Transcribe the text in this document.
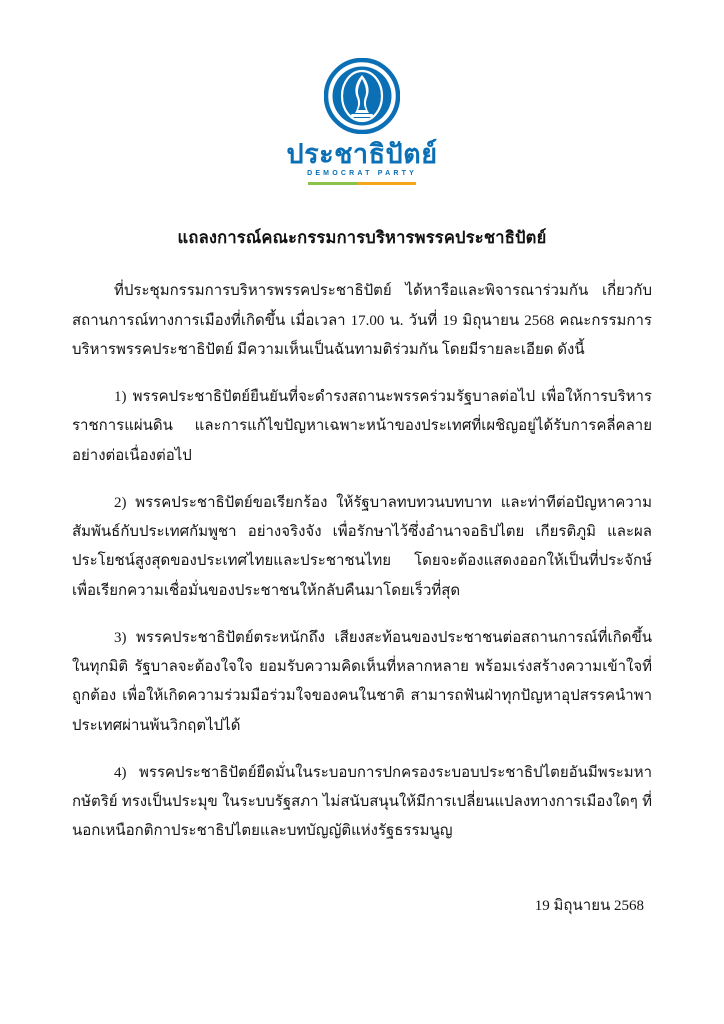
ประชาธิปัตย์
DEMOCRAT PARTY
แถลงการณ์คณะกรรมการบริหารพรรคประชาธิปัตย์

ที่ประชุมกรรมการบริหารพรรคประชาธิปัตย์ ได้หารือและพิจารณาร่วมกัน เกี่ยวกับสถานการณ์ทางการเมืองที่เกิดขึ้น เมื่อเวลา 17.00 น. วันที่ 19 มิถุนายน 2568 คณะกรรมการบริหารพรรคประชาธิปัตย์ มีความเห็นเป็นฉันทามติร่วมกัน โดยมีรายละเอียด ดังนี้

1) พรรคประชาธิปัตย์ยืนยันที่จะดำรงสถานะพรรคร่วมรัฐบาลต่อไป เพื่อให้การบริหารราชการแผ่นดิน และการแก้ไขปัญหาเฉพาะหน้าของประเทศที่เผชิญอยู่ได้รับการคลี่คลายอย่างต่อเนื่องต่อไป

2) พรรคประชาธิปัตย์ขอเรียกร้อง ให้รัฐบาลทบทวนบทบาท และท่าทีต่อปัญหาความสัมพันธ์กับประเทศกัมพูชา อย่างจริงจัง เพื่อรักษาไว้ซึ่งอำนาจอธิปไตย เกียรติภูมิ และผลประโยชน์สูงสุดของประเทศไทยและประชาชนไทย โดยจะต้องแสดงออกให้เป็นที่ประจักษ์เพื่อเรียกความเชื่อมั่นของประชาชนให้กลับคืนมาโดยเร็วที่สุด

3) พรรคประชาธิปัตย์ตระหนักถึง เสียงสะท้อนของประชาชนต่อสถานการณ์ที่เกิดขึ้นในทุกมิติ รัฐบาลจะต้องใจใจ ยอมรับความคิดเห็นที่หลากหลาย พร้อมเร่งสร้างความเข้าใจที่ถูกต้อง เพื่อให้เกิดความร่วมมือร่วมใจของคนในชาติ สามารถฟันฝ่าทุกปัญหาอุปสรรคนำพาประเทศผ่านพ้นวิกฤตไปได้

4) พรรคประชาธิปัตย์ยืดมั่นในระบอบการปกครองระบอบประชาธิปไตยอันมีพระมหากษัตริย์ ทรงเป็นประมุข ในระบบรัฐสภา ไม่สนับสนุนให้มีการเปลี่ยนแปลงทางการเมืองใดๆ ที่นอกเหนือกติกาประชาธิปไตยและบทบัญญัติแห่งรัฐธรรมนูญ

19 มิถุนายน 2568
